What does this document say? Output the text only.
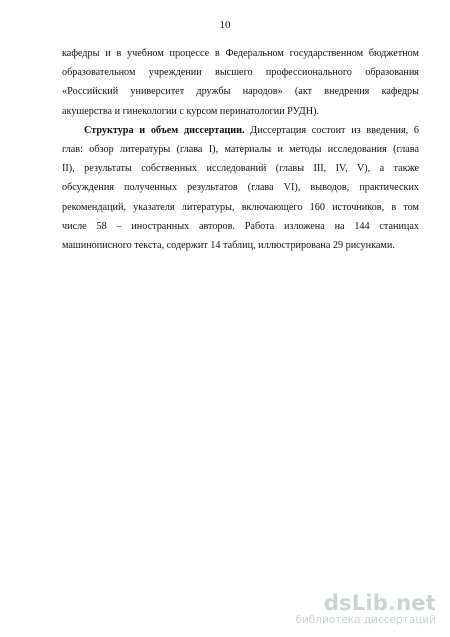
10
кафедры и в учебном процессе в Федеральном государственном бюджетном
образовательном учреждении высшего профессионального образования
«Российский университет дружбы народов» (акт внедрения кафедры
акушерства и гинекологии с курсом перинатологии РУДН).
Структура и объем диссертации. Диссертация состоит из введения, 6
глав: обзор литературы (глава I), материалы и методы исследования (глава
II), результаты собственных исследований (главы III, IV, V), а также
обсуждения полученных результатов (глава VI), выводов, практических
рекомендаций, указателя литературы, включающего 160 источников, в том
числе 58 – иностранных авторов. Работа изложена на 144 станицах
машинописного текста, содержит 14 таблиц, иллюстрирована 29 рисунками.
dsLib.net
библиотека диссертаций
